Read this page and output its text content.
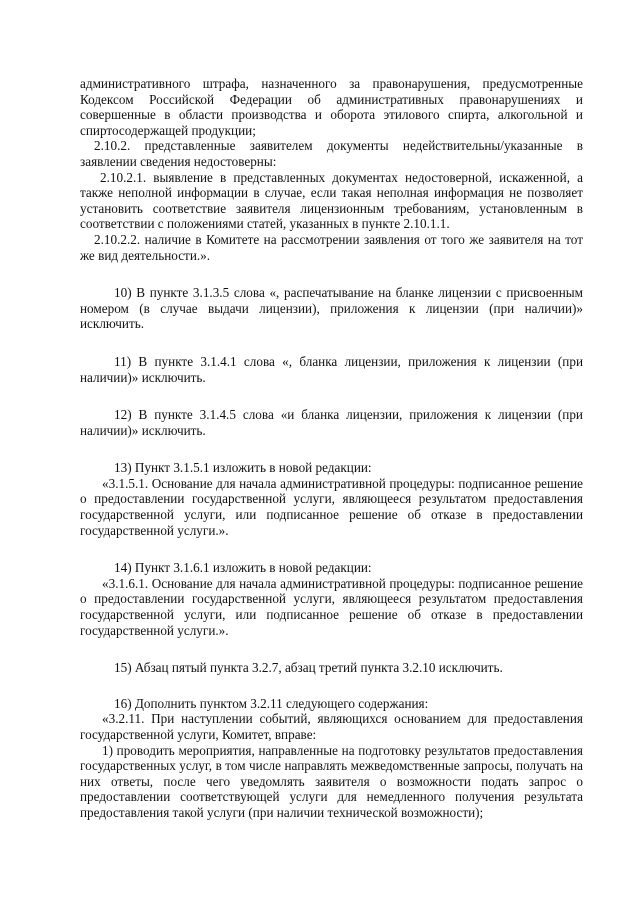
административного штрафа, назначенного за правонарушения, предусмотренные Кодексом Российской Федерации об административных правонарушениях и совершенные в области производства и оборота этилового спирта, алкогольной и спиртосодержащей продукции;

2.10.2. представленные заявителем документы недействительны/указанные в заявлении сведения недостоверны:

2.10.2.1. выявление в представленных документах недостоверной, искаженной, а также неполной информации в случае, если такая неполная информация не позволяет установить соответствие заявителя лицензионным требованиям, установленным в соответствии с положениями статей, указанных в пункте 2.10.1.1.

2.10.2.2. наличие в Комитете на рассмотрении заявления от того же заявителя на тот же вид деятельности.».

10) В пункте 3.1.3.5 слова «, распечатывание на бланке лицензии с присвоенным номером (в случае выдачи лицензии), приложения к лицензии (при наличии)» исключить.

11) В пункте 3.1.4.1 слова «, бланка лицензии, приложения к лицензии (при наличии)» исключить.

12) В пункте 3.1.4.5 слова «и бланка лицензии, приложения к лицензии (при наличии)» исключить.

13) Пункт 3.1.5.1 изложить в новой редакции:

«3.1.5.1. Основание для начала административной процедуры: подписанное решение о предоставлении государственной услуги, являющееся результатом предоставления государственной услуги, или подписанное решение об отказе в предоставлении государственной услуги.».

14) Пункт 3.1.6.1 изложить в новой редакции:

«3.1.6.1. Основание для начала административной процедуры: подписанное решение о предоставлении государственной услуги, являющееся результатом предоставления государственной услуги, или подписанное решение об отказе в предоставлении государственной услуги.».

15) Абзац пятый пункта 3.2.7, абзац третий пункта 3.2.10 исключить.

16) Дополнить пунктом 3.2.11 следующего содержания:

«3.2.11. При наступлении событий, являющихся основанием для предоставления государственной услуги, Комитет, вправе:

1) проводить мероприятия, направленные на подготовку результатов предоставления государственных услуг, в том числе направлять межведомственные запросы, получать на них ответы, после чего уведомлять заявителя о возможности подать запрос о предоставлении соответствующей услуги для немедленного получения результата предоставления такой услуги (при наличии технической возможности);
